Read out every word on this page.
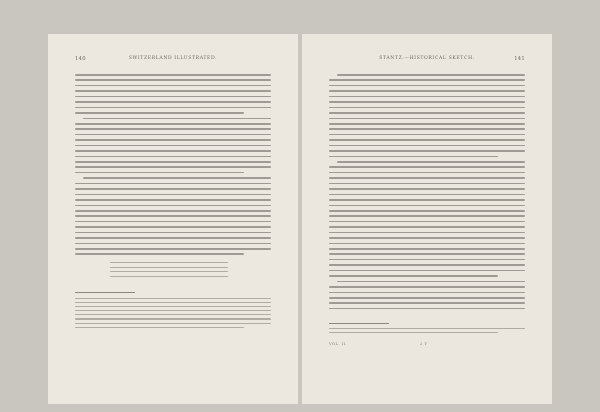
140	SWITZERLAND ILLUSTRATED.	STANTZ.—HISTORICAL SKETCH.	141
VOL. II.	2 Y
